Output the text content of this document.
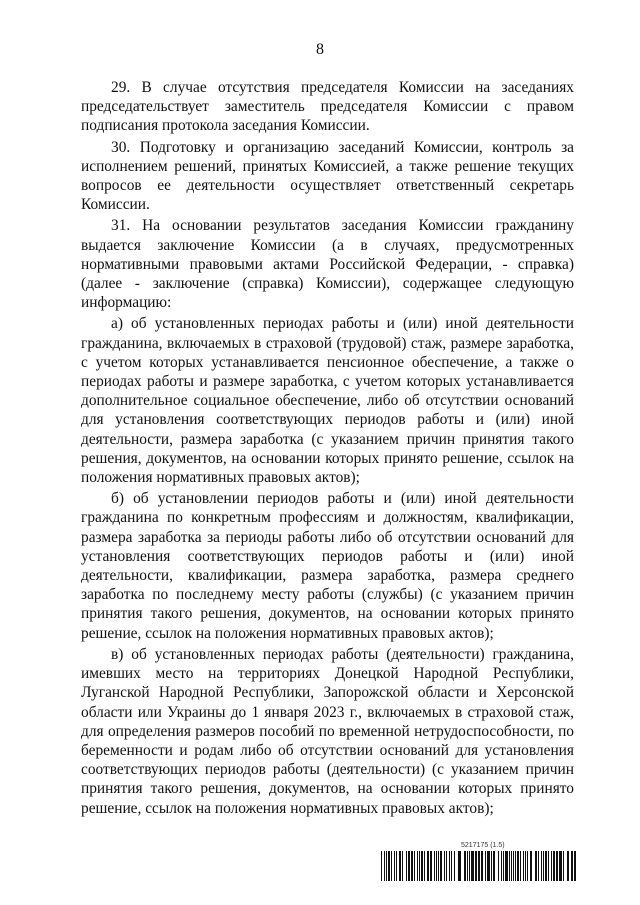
8

29. В случае отсутствия председателя Комиссии на заседаниях председательствует заместитель председателя Комиссии с правом подписания протокола заседания Комиссии.

30. Подготовку и организацию заседаний Комиссии, контроль за исполнением решений, принятых Комиссией, а также решение текущих вопросов ее деятельности осуществляет ответственный секретарь Комиссии.

31. На основании результатов заседания Комиссии гражданину выдается заключение Комиссии (а в случаях, предусмотренных нормативными правовыми актами Российской Федерации, - справка) (далее - заключение (справка) Комиссии), содержащее следующую информацию:

а) об установленных периодах работы и (или) иной деятельности гражданина, включаемых в страховой (трудовой) стаж, размере заработка, с учетом которых устанавливается пенсионное обеспечение, а также о периодах работы и размере заработка, с учетом которых устанавливается дополнительное социальное обеспечение, либо об отсутствии оснований для установления соответствующих периодов работы и (или) иной деятельности, размера заработка (с указанием причин принятия такого решения, документов, на основании которых принято решение, ссылок на положения нормативных правовых актов);

б) об установлении периодов работы и (или) иной деятельности гражданина по конкретным профессиям и должностям, квалификации, размера заработка за периоды работы либо об отсутствии оснований для установления соответствующих периодов работы и (или) иной деятельности, квалификации, размера заработка, размера среднего заработка по последнему месту работы (службы) (с указанием причин принятия такого решения, документов, на основании которых принято решение, ссылок на положения нормативных правовых актов);

в) об установленных периодах работы (деятельности) гражданина, имевших место на территориях Донецкой Народной Республики, Луганской Народной Республики, Запорожской области и Херсонской области или Украины до 1 января 2023 г., включаемых в страховой стаж, для определения размеров пособий по временной нетрудоспособности, по беременности и родам либо об отсутствии оснований для установления соответствующих периодов работы (деятельности) (с указанием причин принятия такого решения, документов, на основании которых принято решение, ссылок на положения нормативных правовых актов);

5217175 (1.5)
